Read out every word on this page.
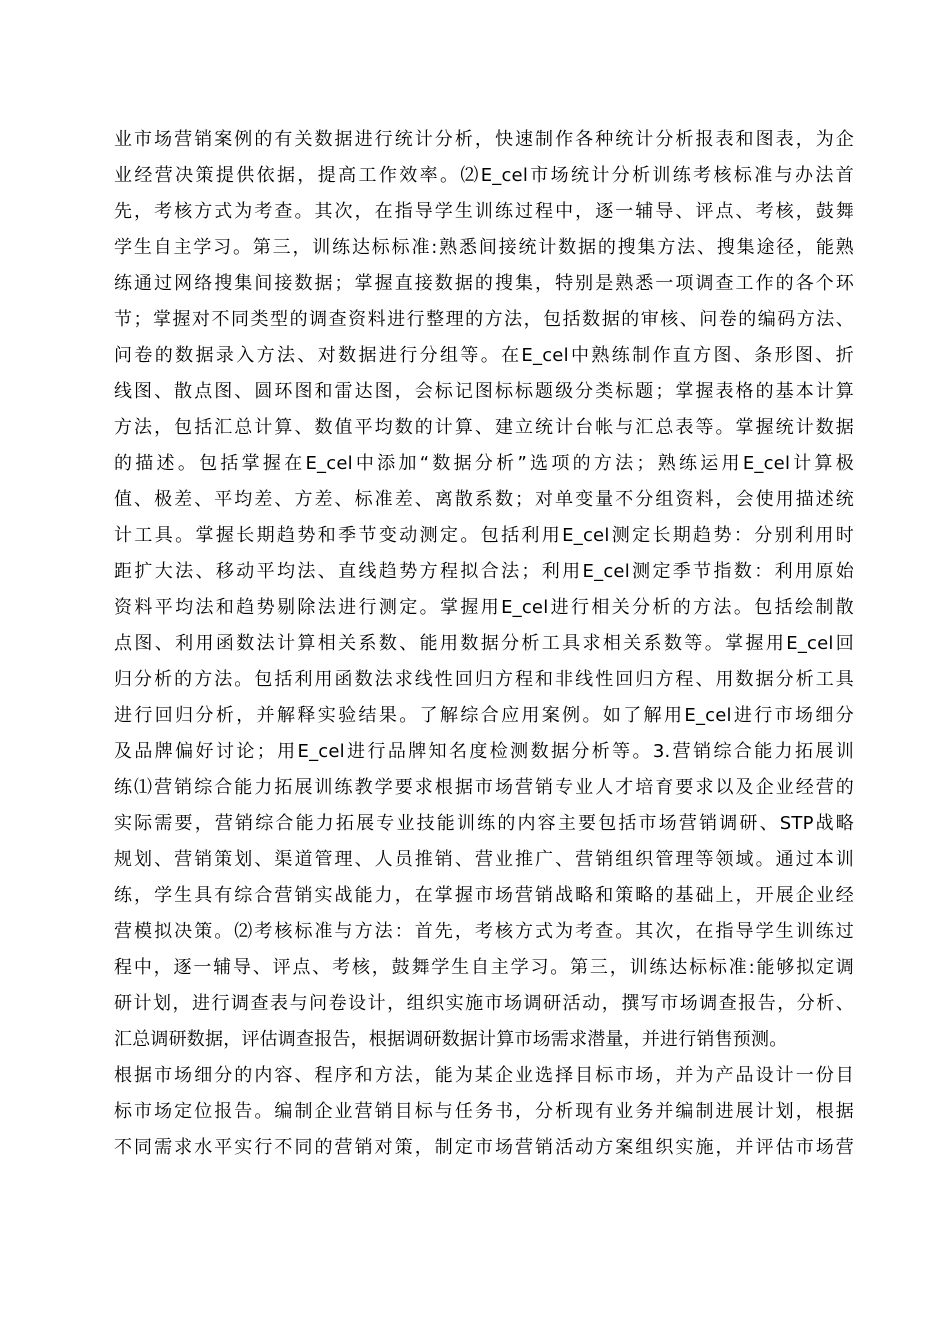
业市场营销案例的有关数据进行统计分析，快速制作各种统计分析报表和图表，为企
业经营决策提供依据，提高工作效率。⑵E_cel市场统计分析训练考核标准与办法首
先，考核方式为考查。其次，在指导学生训练过程中，逐一辅导、评点、考核，鼓舞
学生自主学习。第三，训练达标标准:熟悉间接统计数据的搜集方法、搜集途径，能熟
练通过网络搜集间接数据；掌握直接数据的搜集，特别是熟悉一项调查工作的各个环
节；掌握对不同类型的调查资料进行整理的方法，包括数据的审核、问卷的编码方法、
问卷的数据录入方法、对数据进行分组等。在E_cel中熟练制作直方图、条形图、折
线图、散点图、圆环图和雷达图，会标记图标标题级分类标题；掌握表格的基本计算
方法，包括汇总计算、数值平均数的计算、建立统计台帐与汇总表等。掌握统计数据
的描述。包括掌握在E_cel中添加“数据分析”选项的方法；熟练运用E_cel计算极
值、极差、平均差、方差、标准差、离散系数；对单变量不分组资料，会使用描述统
计工具。掌握长期趋势和季节变动测定。包括利用E_cel测定长期趋势：分别利用时
距扩大法、移动平均法、直线趋势方程拟合法；利用E_cel测定季节指数：利用原始
资料平均法和趋势剔除法进行测定。掌握用E_cel进行相关分析的方法。包括绘制散
点图、利用函数法计算相关系数、能用数据分析工具求相关系数等。掌握用E_cel回
归分析的方法。包括利用函数法求线性回归方程和非线性回归方程、用数据分析工具
进行回归分析，并解释实验结果。了解综合应用案例。如了解用E_cel进行市场细分
及品牌偏好讨论；用E_cel进行品牌知名度检测数据分析等。3.营销综合能力拓展训
练⑴营销综合能力拓展训练教学要求根据市场营销专业人才培育要求以及企业经营的
实际需要，营销综合能力拓展专业技能训练的内容主要包括市场营销调研、STP战略
规划、营销策划、渠道管理、人员推销、营业推广、营销组织管理等领域。通过本训
练，学生具有综合营销实战能力，在掌握市场营销战略和策略的基础上，开展企业经
营模拟决策。⑵考核标准与方法：首先，考核方式为考查。其次，在指导学生训练过
程中，逐一辅导、评点、考核，鼓舞学生自主学习。第三，训练达标标准:能够拟定调
研计划，进行调查表与问卷设计，组织实施市场调研活动，撰写市场调查报告，分析、
汇总调研数据，评估调查报告，根据调研数据计算市场需求潜量，并进行销售预测。
根据市场细分的内容、程序和方法，能为某企业选择目标市场，并为产品设计一份目
标市场定位报告。编制企业营销目标与任务书，分析现有业务并编制进展计划，根据
不同需求水平实行不同的营销对策，制定市场营销活动方案组织实施，并评估市场营
